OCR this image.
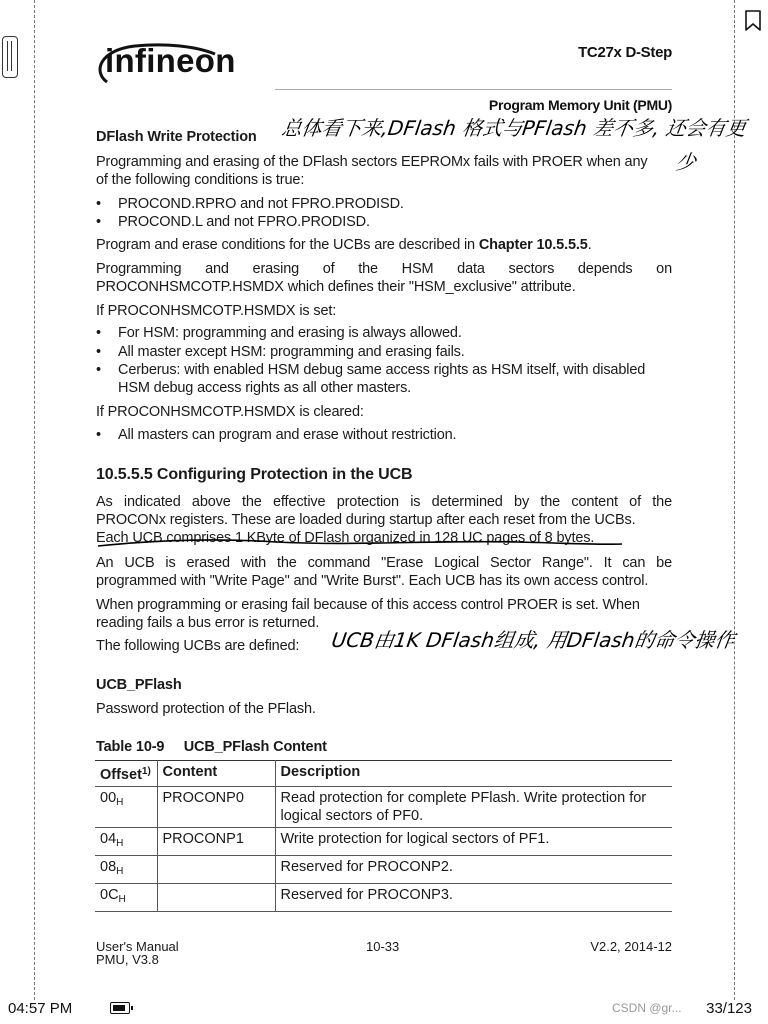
infineon	TC27x D-Step
Program Memory Unit (PMU)
DFlash Write Protection 总体看下来,DFlash 格式与PFlash 差不多, 还会有更
Programming and erasing of the DFlash sectors EEPROMx fails with PROER when any 少
of the following conditions is true:
• PROCOND.RPRO and not FPRO.PRODISD.
• PROCOND.L and not FPRO.PRODISD.
Program and erase conditions for the UCBs are described in Chapter 10.5.5.5.
Programming and erasing of the HSM data sectors depends on
PROCONHSMCOTP.HSMDX which defines their "HSM_exclusive" attribute.
If PROCONHSMCOTP.HSMDX is set:
• For HSM: programming and erasing is always allowed.
• All master except HSM: programming and erasing fails.
• Cerberus: with enabled HSM debug same access rights as HSM itself, with disabled
HSM debug access rights as all other masters.
If PROCONHSMCOTP.HSMDX is cleared:
• All masters can program and erase without restriction.
10.5.5.5 Configuring Protection in the UCB
As indicated above the effective protection is determined by the content of the
PROCONx registers. These are loaded during startup after each reset from the UCBs.
Each UCB comprises 1 KByte of DFlash organized in 128 UC pages of 8 bytes.
An UCB is erased with the command "Erase Logical Sector Range". It can be
programmed with "Write Page" and "Write Burst". Each UCB has its own access control.
When programming or erasing fail because of this access control PROER is set. When
reading fails a bus error is returned.
The following UCBs are defined: UCB由1K DFlash组成, 用DFlash的命令操作
UCB_PFlash
Password protection of the PFlash.
Table 10-9     UCB_PFlash Content
Offset$^{1)}$	Content	Description
$00_H$	PROCONP0	Read protection for complete PFlash. Write protection for logical sectors of PF0.
$04_H$	PROCONP1	Write protection for logical sectors of PF1.
$08_H$		Reserved for PROCONP2.
$0C_H$		Reserved for PROCONP3.
User's Manual
PMU, V3.8
10-33	V2.2, 2014-12
04:57 PM	CSDN @gr... 33/123
